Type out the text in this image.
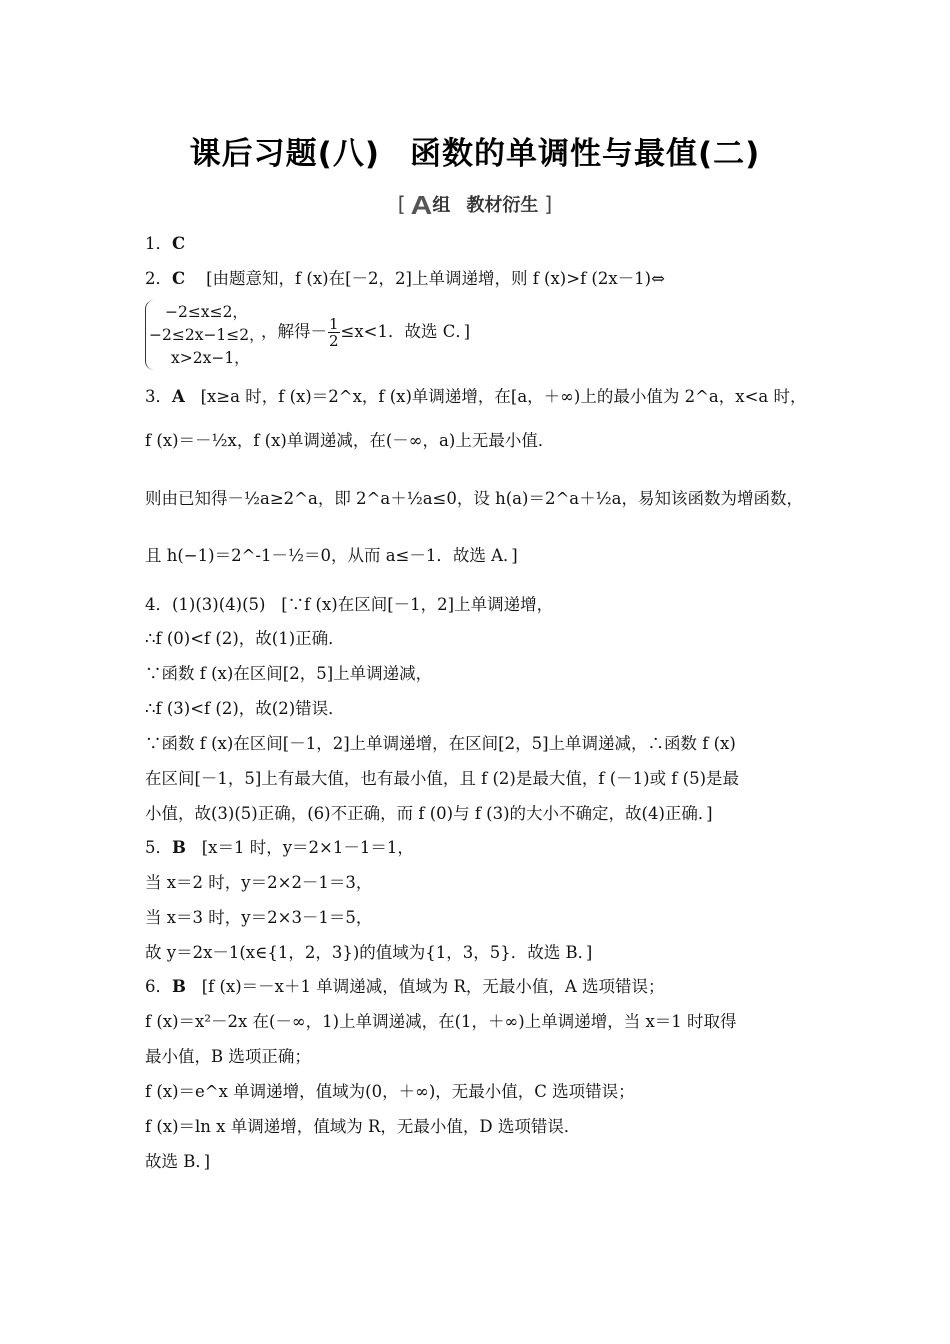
课后习题(八) 函数的单调性与最值(二)
[ A组 教材衍生 ]
1．C
2．C [由题意知，f (x)在[－2，2]上单调递增，则 f (x)>f (2x－1)⇔
−2≤x≤2，
−2≤2x−1≤2，
x>2x−1，
，解得－ $\frac{1}{2} \le x<1$．故选 C．]
3．A [x≥a 时，f (x)＝2^x，f (x)单调递增，在[a，＋∞)上的最小值为 2^a，x<a 时，
f (x)＝－½x，f (x)单调递减，在(－∞，a)上无最小值．
则由已知得－½a≥2^a，即 2^a＋½a≤0，设 h(a)＝2^a＋½a，易知该函数为增函数，
且 h(−1)＝2^-1－½＝0，从而 a≤－1．故选 A．]
4．(1)(3)(4)(5) [∵f (x)在区间[－1，2]上单调递增，
∴f (0)<f (2)，故(1)正确．
∵函数 f (x)在区间[2，5]上单调递减，
∴f (3)<f (2)，故(2)错误．
∵函数 f (x)在区间[－1，2]上单调递增，在区间[2，5]上单调递减，∴函数 f (x)
在区间[－1，5]上有最大值，也有最小值，且 f (2)是最大值，f (－1)或 f (5)是最
小值，故(3)(5)正确，(6)不正确，而 f (0)与 f (3)的大小不确定，故(4)正确．]
5．B [x＝1 时，y＝2×1－1＝1，
当 x＝2 时，y＝2×2－1＝3，
当 x＝3 时，y＝2×3－1＝5，
故 y＝2x－1(x∈{1，2，3})的值域为{1，3，5}．故选 B．]
6．B [f (x)＝－x＋1 单调递减，值域为 R，无最小值，A 选项错误；
f (x)＝x²－2x 在(－∞，1)上单调递减，在(1，＋∞)上单调递增，当 x＝1 时取得
最小值，B 选项正确；
f (x)＝e^x 单调递增，值域为(0，＋∞)，无最小值，C 选项错误；
f (x)＝ln x 单调递增，值域为 R，无最小值，D 选项错误．
故选 B．]
